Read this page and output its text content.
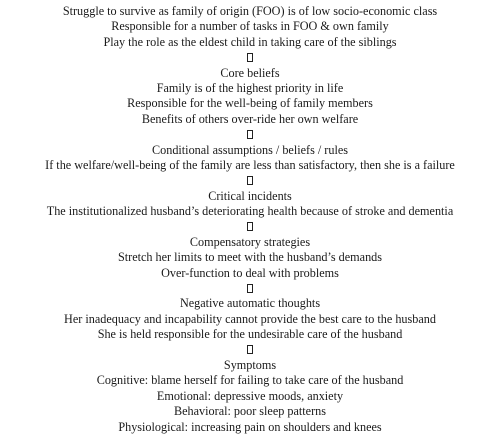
Struggle to survive as family of origin (FOO) is of low socio-economic class
Responsible for a number of tasks in FOO & own family
Play the role as the eldest child in taking care of the siblings
Core beliefs
Family is of the highest priority in life
Responsible for the well-being of family members
Benefits of others over-ride her own welfare
Conditional assumptions / beliefs / rules
If the welfare/well-being of the family are less than satisfactory, then she is a failure
Critical incidents
The institutionalized husband’s deteriorating health because of stroke and dementia
Compensatory strategies
Stretch her limits to meet with the husband’s demands
Over-function to deal with problems
Negative automatic thoughts
Her inadequacy and incapability cannot provide the best care to the husband
She is held responsible for the undesirable care of the husband
Symptoms
Cognitive: blame herself for failing to take care of the husband
Emotional: depressive moods, anxiety
Behavioral: poor sleep patterns
Physiological: increasing pain on shoulders and knees
